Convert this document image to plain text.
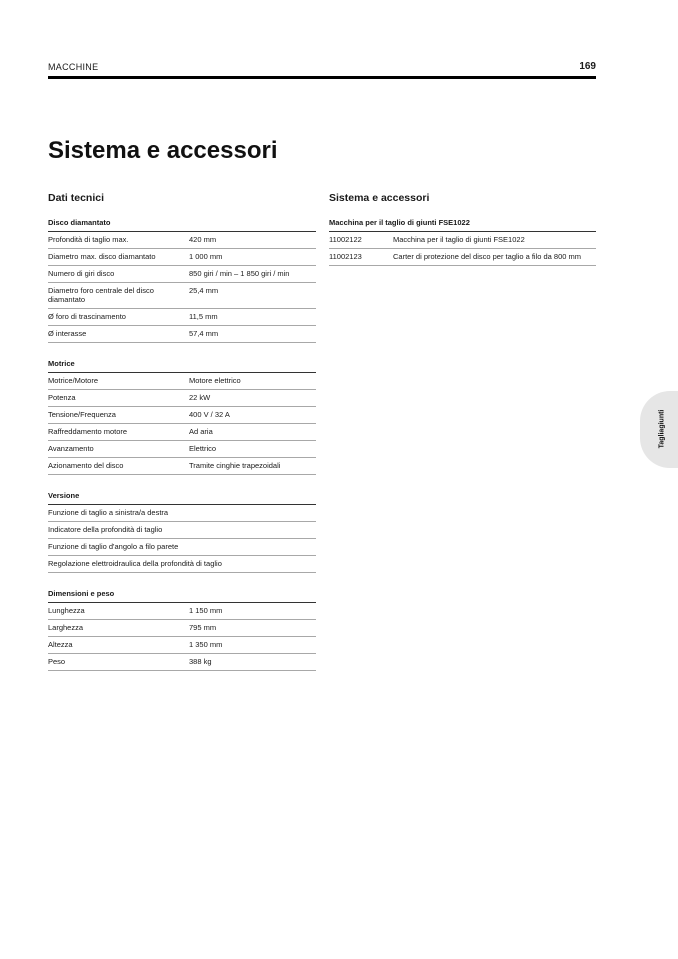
MACCHINE	169
Sistema e accessori
Dati tecnici
Disco diamantato	
Profondità di taglio max.	420 mm
Diametro max. disco diamantato	1 000 mm
Numero di giri disco	850 giri / min – 1 850 giri / min
Diametro foro centrale del disco diamantato	25,4 mm
Ø foro di trascinamento	11,5 mm
Ø interasse	57,4 mm

Motrice	
Motrice/Motore	Motore elettrico
Potenza	22 kW
Tensione/Frequenza	400 V / 32 A
Raffreddamento motore	Ad aria
Avanzamento	Elettrico
Azionamento del disco	Tramite cinghie trapezoidali

Versione	
Funzione di taglio a sinistra/a destra	
Indicatore della profondità di taglio	
Funzione di taglio d'angolo a filo parete	
Regolazione elettroidraulica della profondità di taglio	

Dimensioni e peso	
Lunghezza	1 150 mm
Larghezza	795 mm
Altezza	1 350 mm
Peso	388 kg
Sistema e accessori
Macchina per il taglio di giunti FSE1022	
11002122	Macchina per il taglio di giunti FSE1022
11002123	Carter di protezione del disco per taglio a filo da 800 mm
Tagliagiunti
